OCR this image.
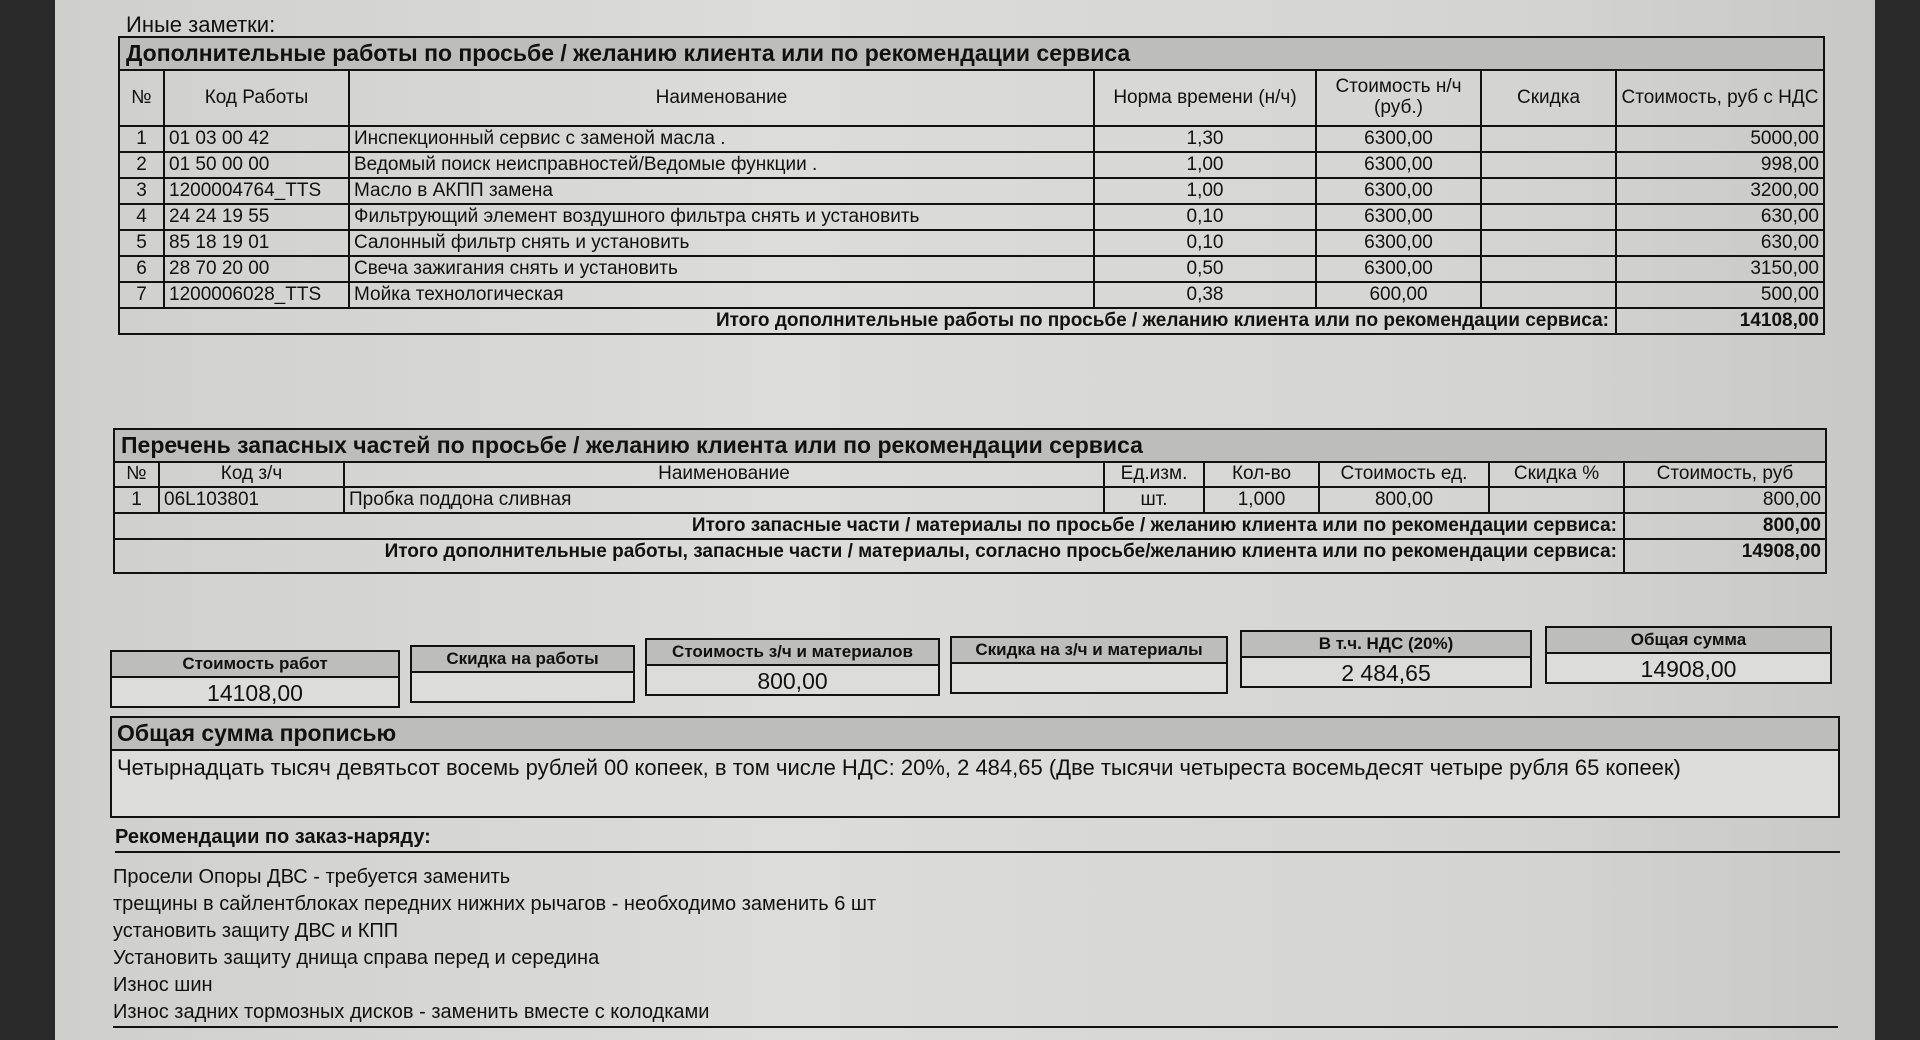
Иные заметки:
Дополнительные работы по просьбе / желанию клиента или по рекомендации сервиса						
№	Код Работы	Наименование	Норма времени (н/ч)	Стоимость н/ч (руб.)	Скидка	Стоимость, руб с НДС
1	01 03 00 42	Инспекционный сервис с заменой масла .	1,30	6300,00		5000,00
2	01 50 00 00	Ведомый поиск неисправностей/Ведомые функции .	1,00	6300,00		998,00
3	1200004764_TTS	Масло в АКПП замена	1,00	6300,00		3200,00
4	24 24 19 55	Фильтрующий элемент воздушного фильтра снять и установить	0,10	6300,00		630,00
5	85 18 19 01	Салонный фильтр снять и установить	0,10	6300,00		630,00
6	28 70 20 00	Свеча зажигания снять и установить	0,50	6300,00		3150,00
7	1200006028_TTS	Мойка технологическая	0,38	600,00		500,00
Итого дополнительные работы по просьбе / желанию клиента или по рекомендации сервиса:						14108,00
Перечень запасных частей по просьбе / желанию клиента или по рекомендации сервиса							
№	Код з/ч	Наименование	Ед.изм.	Кол-во	Стоимость ед.	Скидка %	Стоимость, руб
1	06L103801	Пробка поддона сливная	шт.	1,000	800,00		800,00
Итого запасные части / материалы по просьбе / желанию клиента или по рекомендации сервиса:							800,00
Итого дополнительные работы, запасные части / материалы, согласно просьбе/желанию клиента или по рекомендации сервиса:							14908,00
Стоимость работ
14108,00
Скидка на работы	Стоимость з/ч и материалов
800,00
Скидка на з/ч и материалы	В т.ч. НДС (20%)
2 484,65
Общая сумма
14908,00
Общая сумма прописью
Четырнадцать тысяч девятьсот восемь рублей 00 копеек, в том числе НДС: 20%, 2 484,65 (Две тысячи четыреста восемьдесят четыре рубля 65 копеек)
Рекомендации по заказ-наряду:
Просели Опоры ДВС - требуется заменить
трещины в сайлентблоках передних нижних рычагов - необходимо заменить 6 шт
установить защиту ДВС и КПП
Установить защиту днища справа перед и середина
Износ шин
Износ задних тормозных дисков - заменить вместе с колодками
